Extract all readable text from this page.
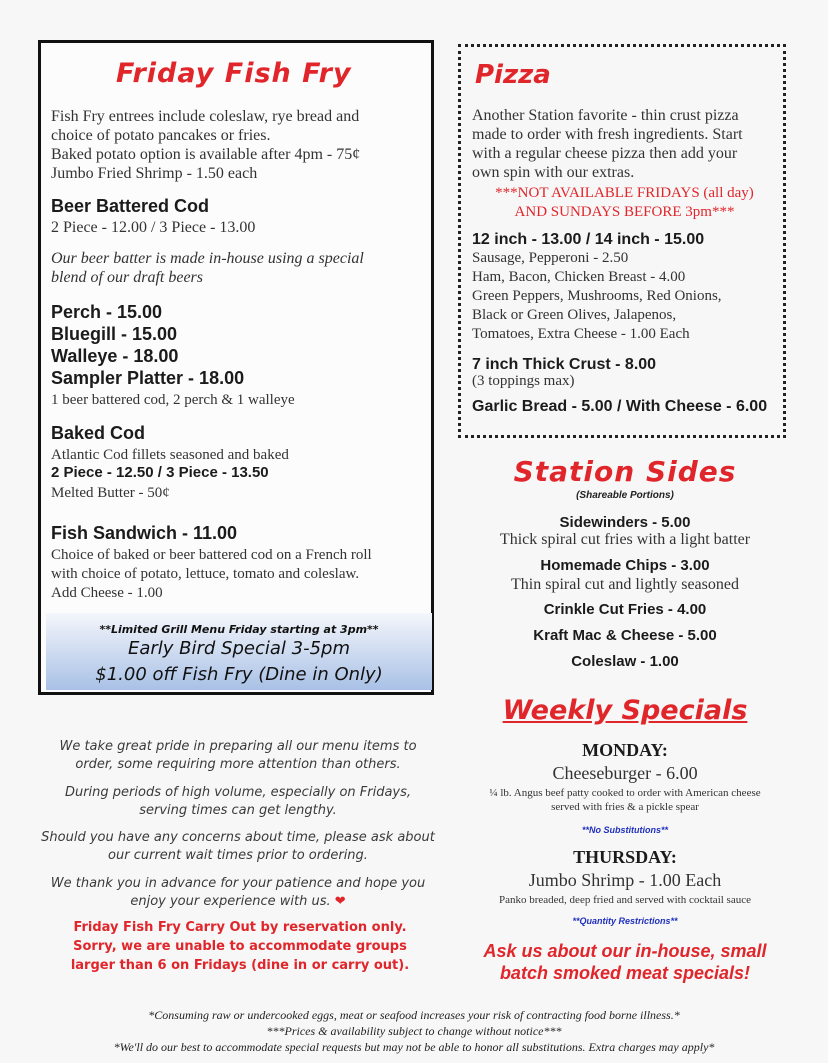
Friday Fish Fry
Fish Fry entrees include coleslaw, rye bread and
choice of potato pancakes or fries.
Baked potato option is available after 4pm - 75¢
Jumbo Fried Shrimp - 1.50 each
Beer Battered Cod
2 Piece - 12.00 / 3 Piece - 13.00
Our beer batter is made in-house using a special
blend of our draft beers
Perch - 15.00
Bluegill - 15.00
Walleye - 18.00
Sampler Platter - 18.00
1 beer battered cod, 2 perch & 1 walleye
Baked Cod
Atlantic Cod fillets seasoned and baked
2 Piece - 12.50 / 3 Piece - 13.50
Melted Butter - 50¢
Fish Sandwich - 11.00
Choice of baked or beer battered cod on a French roll
with choice of potato, lettuce, tomato and coleslaw.
Add Cheese - 1.00
**Limited Grill Menu Friday starting at 3pm**
Early Bird Special 3-5pm
$1.00 off Fish Fry (Dine in Only)
Pizza
Another Station favorite - thin crust pizza
made to order with fresh ingredients. Start
with a regular cheese pizza then add your
own spin with our extras.
***NOT AVAILABLE FRIDAYS (all day)
AND SUNDAYS BEFORE 3pm***
12 inch - 13.00 / 14 inch - 15.00
Sausage, Pepperoni - 2.50
Ham, Bacon, Chicken Breast - 4.00
Green Peppers, Mushrooms, Red Onions,
Black or Green Olives, Jalapenos,
Tomatoes, Extra Cheese - 1.00 Each
7 inch Thick Crust - 8.00
(3 toppings max)
Garlic Bread - 5.00 / With Cheese - 6.00
Station Sides
(Shareable Portions)
Sidewinders - 5.00
Thick spiral cut fries with a light batter
Homemade Chips - 3.00
Thin spiral cut and lightly seasoned
Crinkle Cut Fries - 4.00
Kraft Mac & Cheese - 5.00
Coleslaw - 1.00
Weekly Specials
MONDAY:
Cheeseburger - 6.00
¼ lb. Angus beef patty cooked to order with American cheese
served with fries & a pickle spear
**No Substitutions**
THURSDAY:
Jumbo Shrimp - 1.00 Each
Panko breaded, deep fried and served with cocktail sauce
**Quantity Restrictions**
Ask us about our in-house, small
batch smoked meat specials!
We take great pride in preparing all our menu items to
order, some requiring more attention than others.
During periods of high volume, especially on Fridays,
serving times can get lengthy.
Should you have any concerns about time, please ask about
our current wait times prior to ordering.
We thank you in advance for your patience and hope you
enjoy your experience with us. ❤
Friday Fish Fry Carry Out by reservation only.
Sorry, we are unable to accommodate groups
larger than 6 on Fridays (dine in or carry out).
*Consuming raw or undercooked eggs, meat or seafood increases your risk of contracting food borne illness.*
***Prices & availability subject to change without notice***
*We'll do our best to accommodate special requests but may not be able to honor all substitutions. Extra charges may apply*
